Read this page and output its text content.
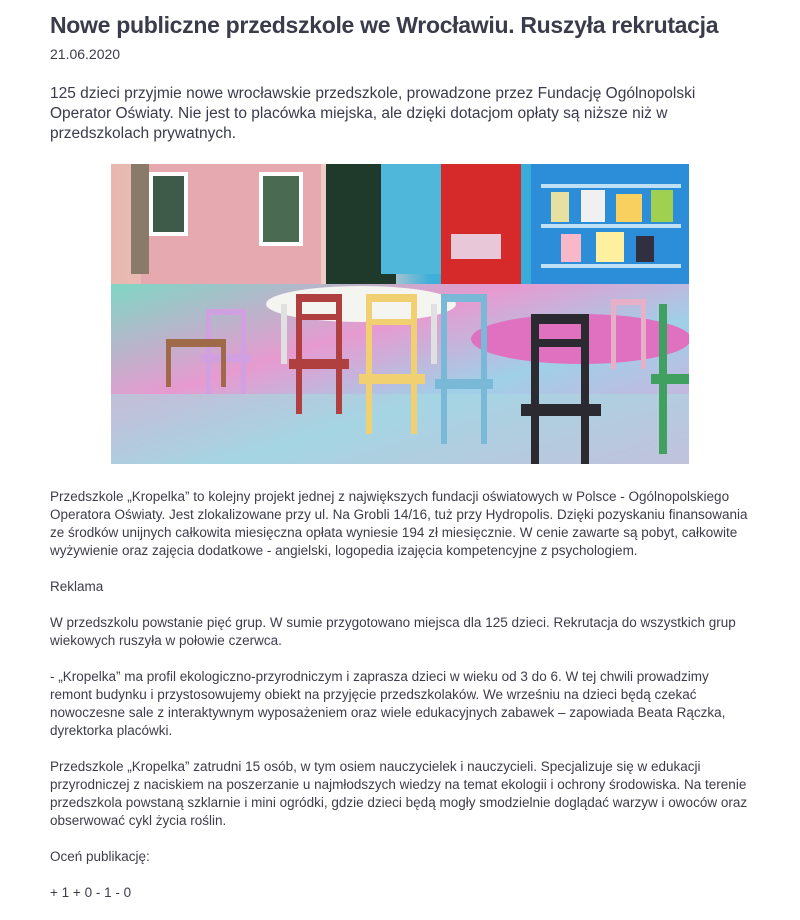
Nowe publiczne przedszkole we Wrocławiu. Ruszyła rekrutacja
21.06.2020
125 dzieci przyjmie nowe wrocławskie przedszkole, prowadzone przez Fundację Ogólnopolski Operator Oświaty. Nie jest to placówka miejska, ale dzięki dotacjom opłaty są niższe niż w przedszkolach prywatnych.

Przedszkole „Kropelka” to kolejny projekt jednej z największych fundacji oświatowych w Polsce - Ogólnopolskiego Operatora Oświaty. Jest zlokalizowane przy ul. Na Grobli 14/16, tuż przy Hydropolis. Dzięki pozyskaniu finansowania ze środków unijnych całkowita miesięczna opłata wyniesie 194 zł miesięcznie. W cenie zawarte są pobyt, całkowite wyżywienie oraz zajęcia dodatkowe - angielski, logopedia izajęcia kompetencyjne z psychologiem.

Reklama

W przedszkolu powstanie pięć grup. W sumie przygotowano miejsca dla 125 dzieci. Rekrutacja do wszystkich grup wiekowych ruszyła w połowie czerwca.

- „Kropelka” ma profil ekologiczno-przyrodniczym i zaprasza dzieci w wieku od 3 do 6. W tej chwili prowadzimy remont budynku i przystosowujemy obiekt na przyjęcie przedszkolaków. We wrześniu na dzieci będą czekać nowoczesne sale z interaktywnym wyposażeniem oraz wiele edukacyjnych zabawek – zapowiada Beata Rączka, dyrektorka placówki.

Przedszkole „Kropelka” zatrudni 15 osób, w tym osiem nauczycielek i nauczycieli. Specjalizuje się w edukacji przyrodniczej z naciskiem na poszerzanie u najmłodszych wiedzy na temat ekologii i ochrony środowiska. Na terenie przedszkola powstaną szklarnie i mini ogródki, gdzie dzieci będą mogły smodzielnie doglądać warzyw i owoców oraz obserwować cykl życia roślin.

Oceń publikację:

+ 1 + 0 - 1 - 0
